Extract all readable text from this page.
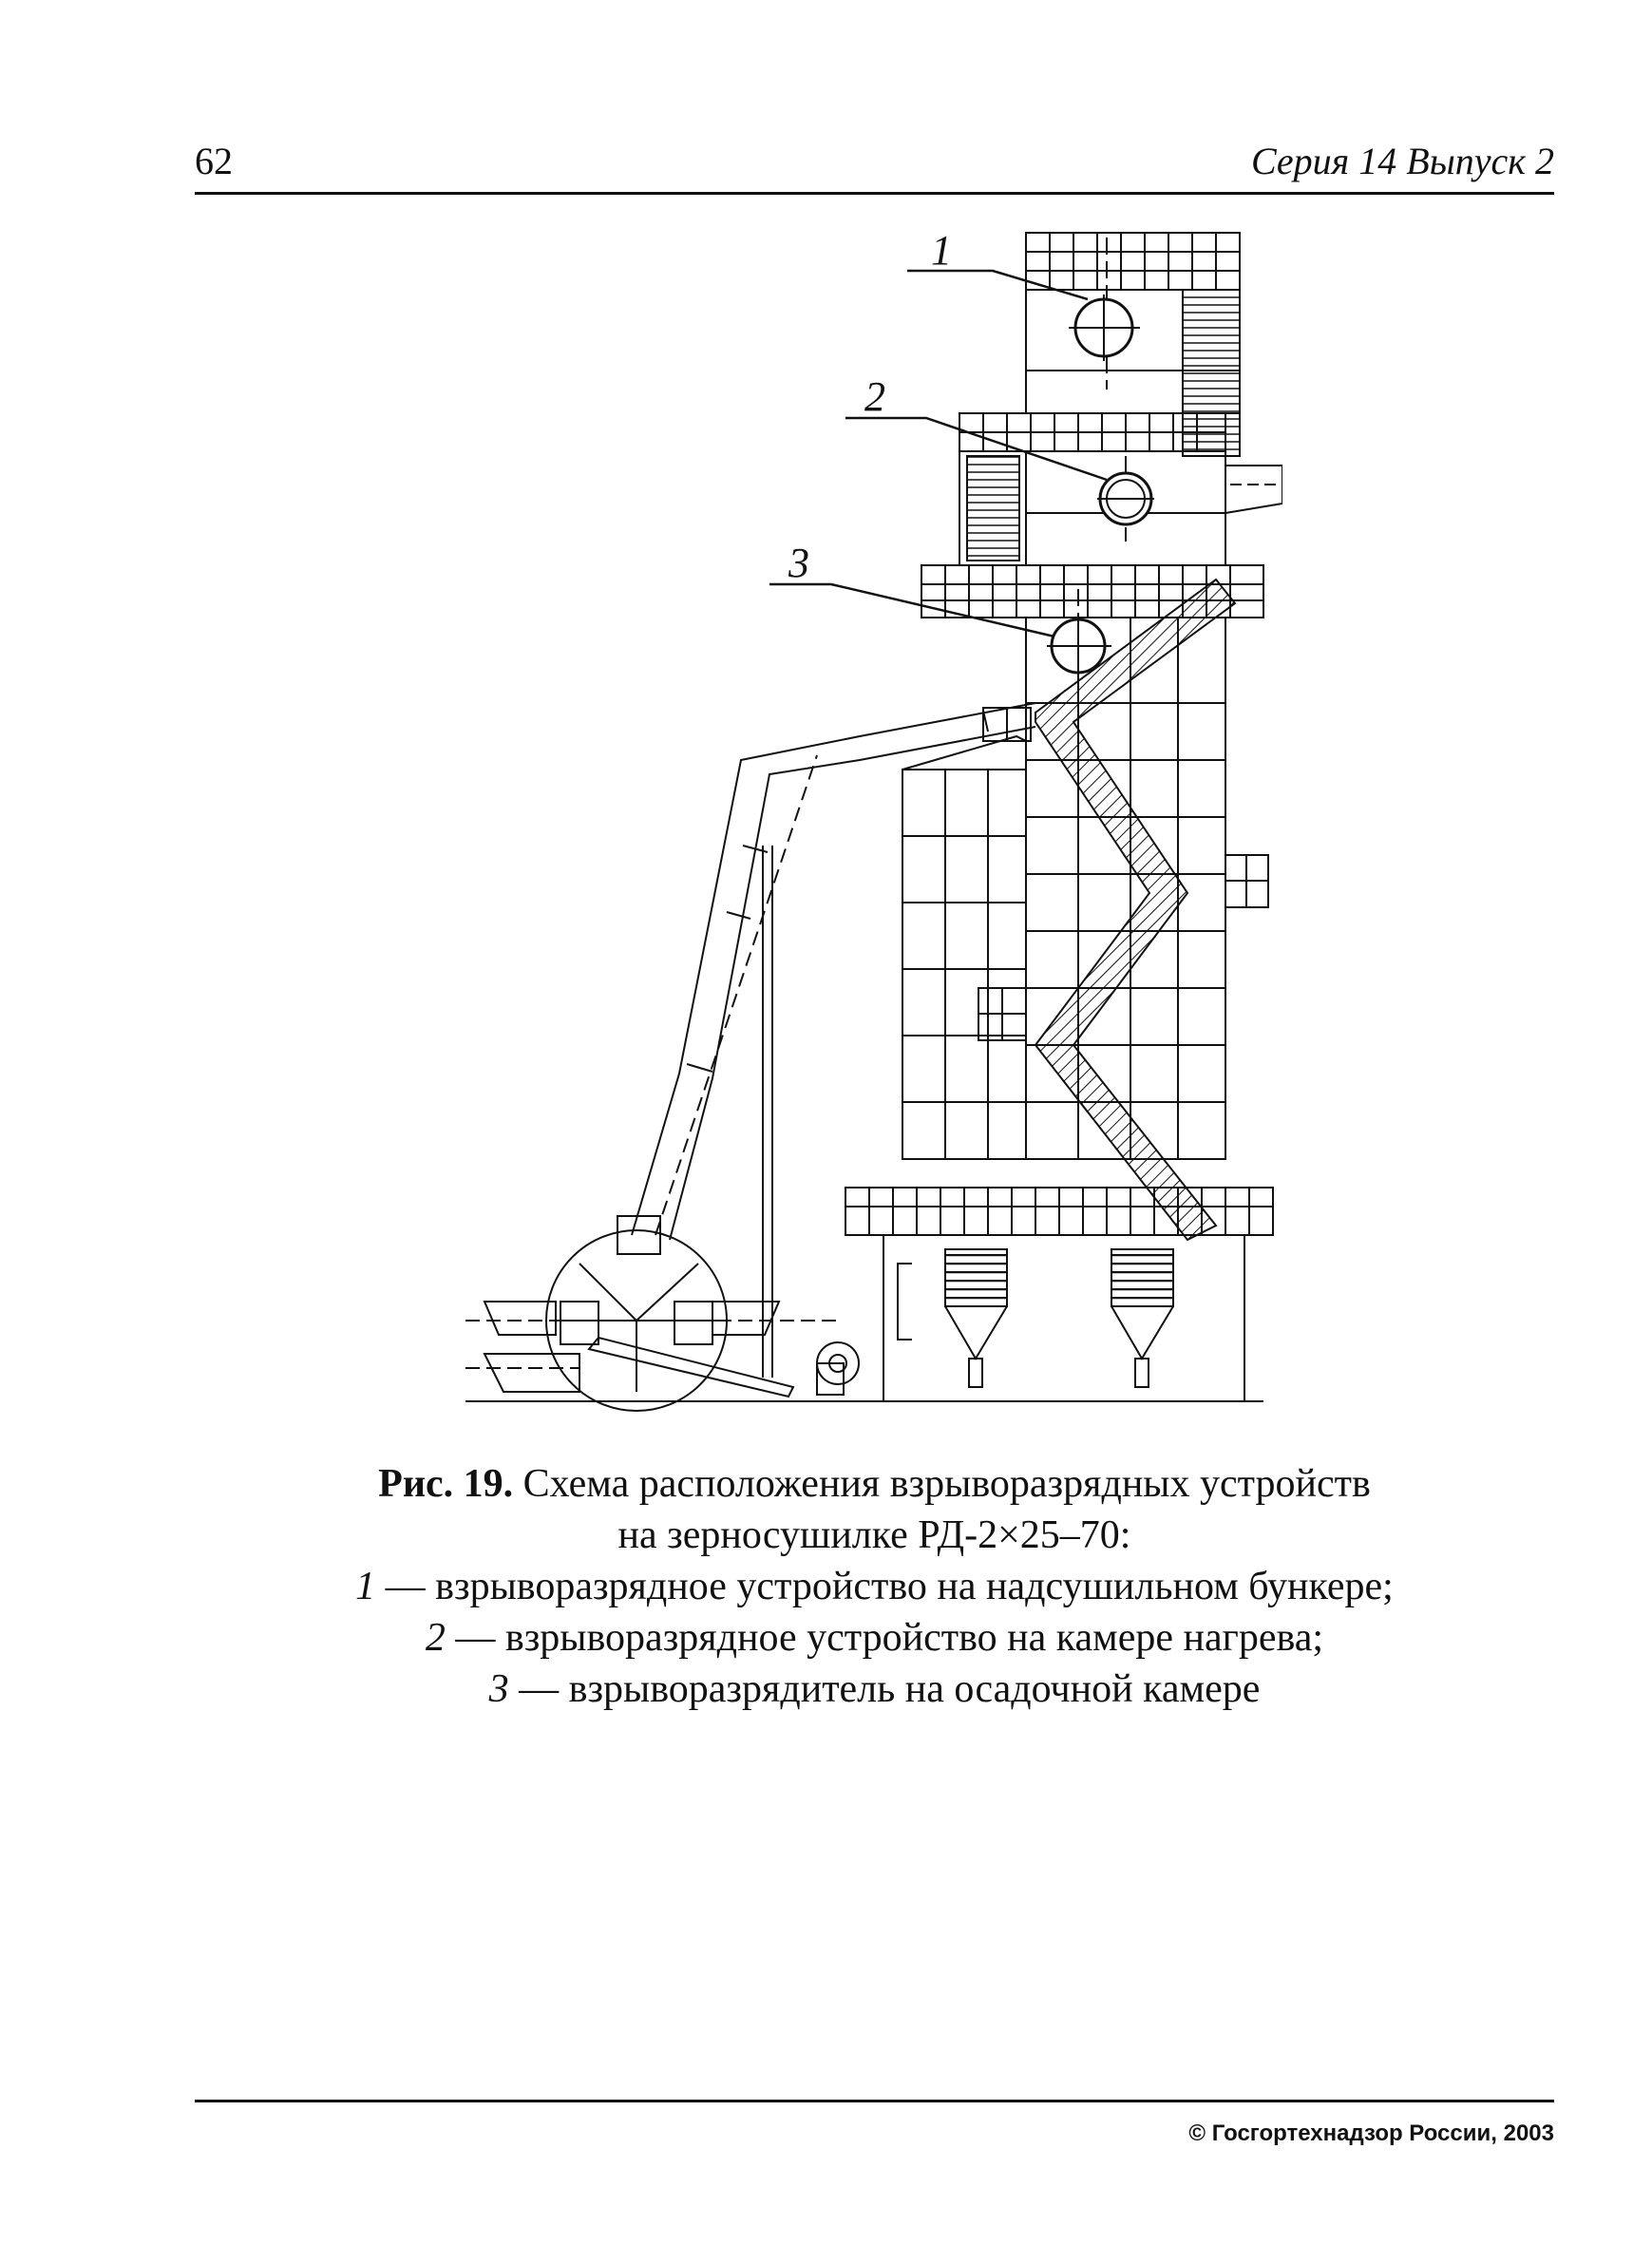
62	Серия 14 Выпуск 2
1
2
3
Рис. 19. Схема расположения взрыворазрядных устройств
на зерносушилке РД-2×25–70:
1 — взрыворазрядное устройство на надсушильном бункере;
2 — взрыворазрядное устройство на камере нагрева;
3 — взрыворазрядитель на осадочной камере
© Госгортехнадзор России, 2003
